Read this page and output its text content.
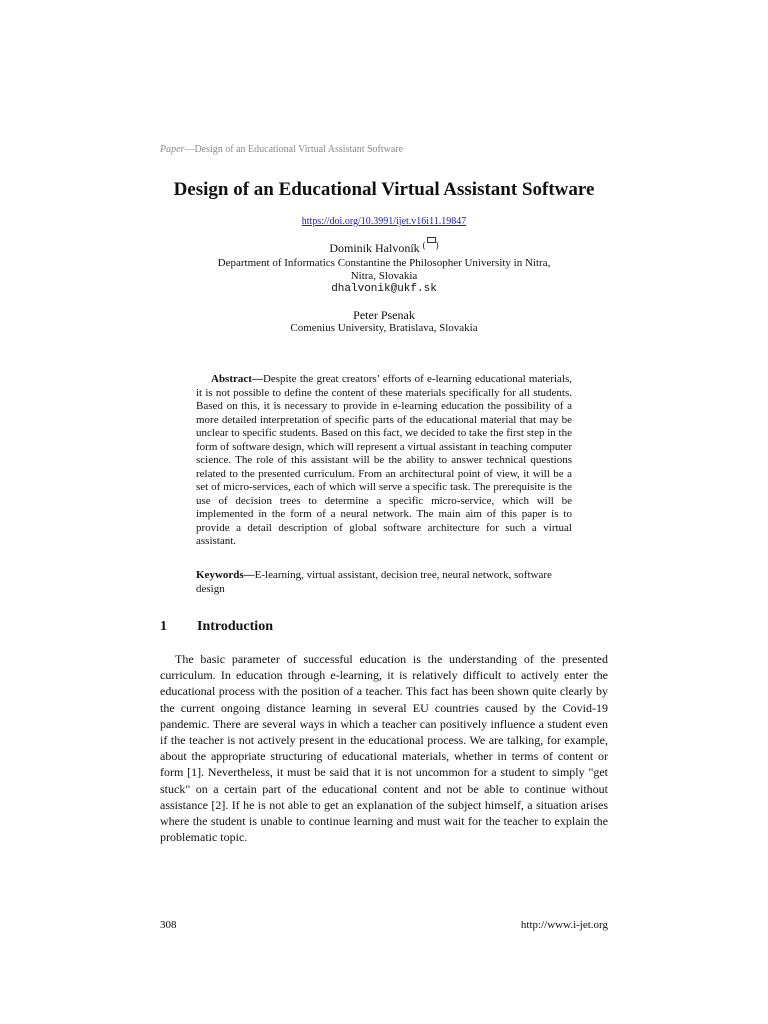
Paper—Design of an Educational Virtual Assistant Software
Design of an Educational Virtual Assistant Software
https://doi.org/10.3991/ijet.v16i11.19847
Dominik Halvoník ( )
Department of Informatics Constantine the Philosopher University in Nitra,
Nitra, Slovakia
dhalvonik@ukf.sk
Peter Psenak
Comenius University, Bratislava, Slovakia

Abstract—Despite the great creators’ efforts of e-learning educational materials, it is not possible to define the content of these materials specifically for all students. Based on this, it is necessary to provide in e-learning education the possibility of a more detailed interpretation of specific parts of the educational material that may be unclear to specific students. Based on this fact, we decided to take the first step in the form of software design, which will represent a virtual assistant in teaching computer science. The role of this assistant will be the ability to answer technical questions related to the presented curriculum. From an architectural point of view, it will be a set of micro-services, each of which will serve a specific task. The prerequisite is the use of decision trees to determine a specific micro-service, which will be implemented in the form of a neural network. The main aim of this paper is to provide a detail description of global software architecture for such a virtual assistant.

Keywords—E-learning, virtual assistant, decision tree, neural network, software design

1 Introduction

The basic parameter of successful education is the understanding of the presented curriculum. In education through e-learning, it is relatively difficult to actively enter the educational process with the position of a teacher. This fact has been shown quite clearly by the current ongoing distance learning in several EU countries caused by the Covid-19 pandemic. There are several ways in which a teacher can positively influence a student even if the teacher is not actively present in the educational process. We are talking, for example, about the appropriate structuring of educational materials, whether in terms of content or form [1]. Nevertheless, it must be said that it is not uncommon for a student to simply "get stuck" on a certain part of the educational content and not be able to continue without assistance [2]. If he is not able to get an explanation of the subject himself, a situation arises where the student is unable to continue learning and must wait for the teacher to explain the problematic topic.

308	http://www.i-jet.org
